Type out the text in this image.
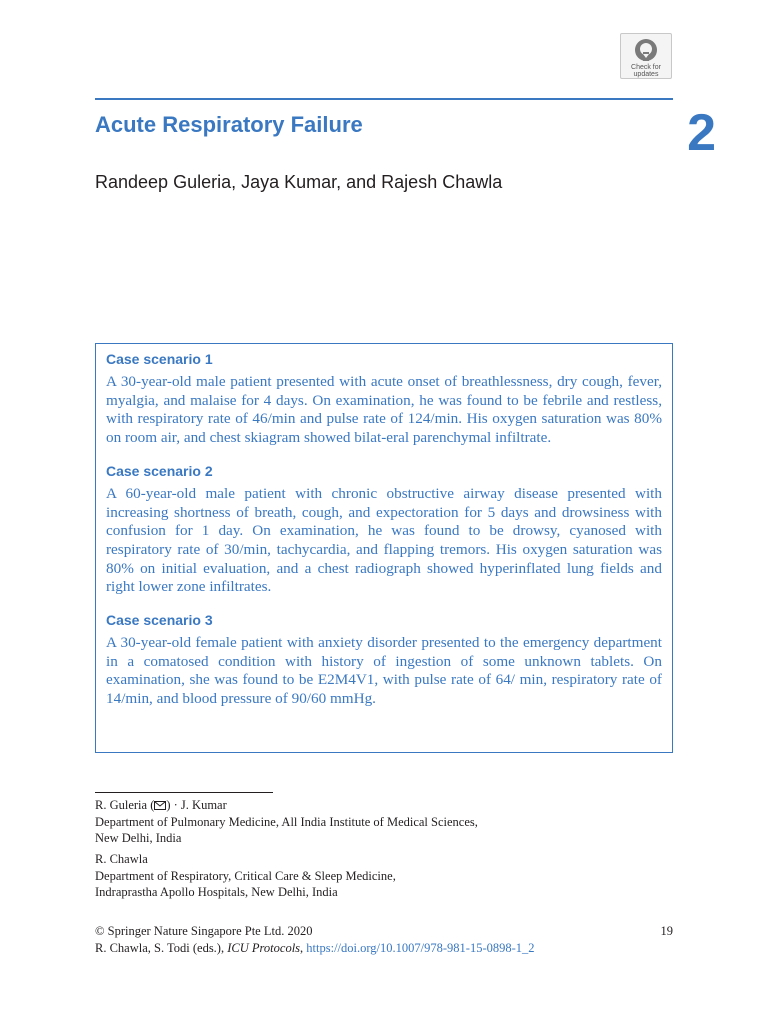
Check for
updates
Acute Respiratory Failure	2

Randeep Guleria, Jaya Kumar, and Rajesh Chawla

Case scenario 1

A 30-year-old male patient presented with acute onset of breathlessness, dry cough, fever, myalgia, and malaise for 4 days. On examination, he was found to be febrile and restless, with respiratory rate of 46/min and pulse rate of 124/min. His oxygen saturation was 80% on room air, and chest skiagram showed bilat-eral parenchymal infiltrate.

Case scenario 2

A 60-year-old male patient with chronic obstructive airway disease presented with increasing shortness of breath, cough, and expectoration for 5 days and drowsiness with confusion for 1 day. On examination, he was found to be drowsy, cyanosed with respiratory rate of 30/min, tachycardia, and flapping tremors. His oxygen saturation was 80% on initial evaluation, and a chest radiograph showed hyperinflated lung fields and right lower zone infiltrates.

Case scenario 3

A 30-year-old female patient with anxiety disorder presented to the emergency department in a comatosed condition with history of ingestion of some unknown tablets. On examination, she was found to be E2M4V1, with pulse rate of 64/ min, respiratory rate of 14/min, and blood pressure of 90/60 mmHg.

R. Guleria ( ) · J. Kumar
Department of Pulmonary Medicine, All India Institute of Medical Sciences,
New Delhi, India
R. Chawla
Department of Respiratory, Critical Care & Sleep Medicine,
Indraprastha Apollo Hospitals, New Delhi, India
© Springer Nature Singapore Pte Ltd. 2020
R. Chawla, S. Todi (eds.), ICU Protocols, https://doi.org/10.1007/978-981-15-0898-1_2
19
